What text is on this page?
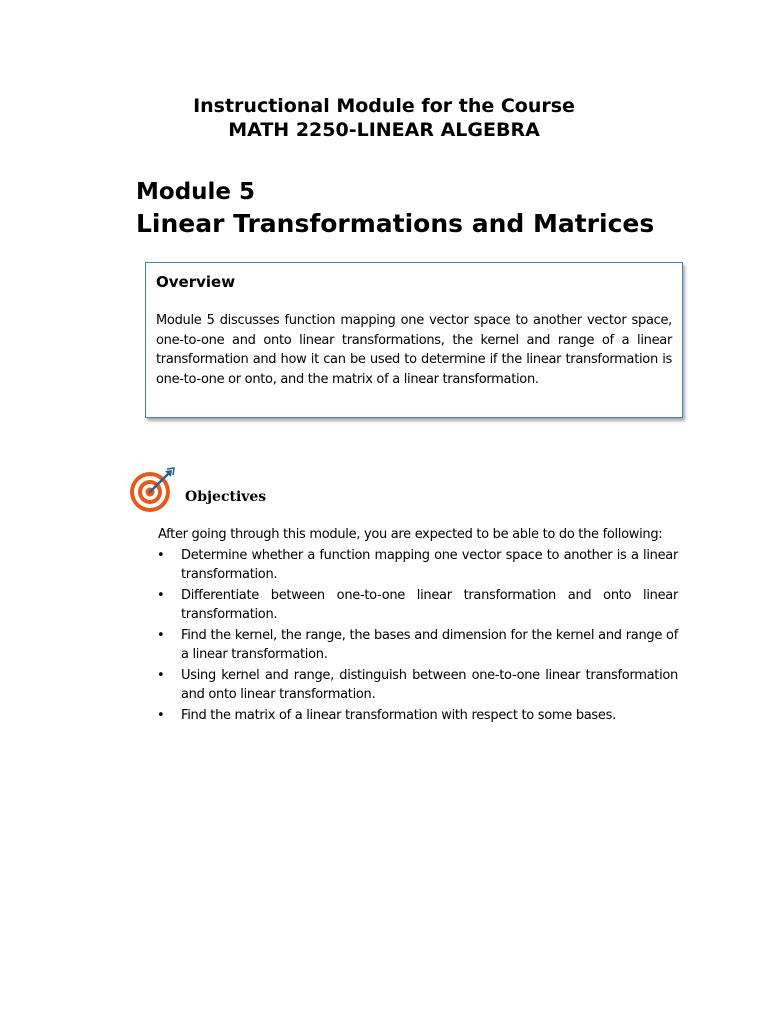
Instructional Module for the Course
MATH 2250-LINEAR ALGEBRA
Module 5
Linear Transformations and Matrices
Overview

Module 5 discusses function mapping one vector space to another vector space, one-to-one and onto linear transformations, the kernel and range of a linear transformation and how it can be used to determine if the linear transformation is one-to-one or onto, and the matrix of a linear transformation.

Objectives

After going through this module, you are expected to be able to do the following:

• Determine whether a function mapping one vector space to another is a linear transformation.
• Differentiate between one-to-one linear transformation and onto linear transformation.
• Find the kernel, the range, the bases and dimension for the kernel and range of a linear transformation.
• Using kernel and range, distinguish between one-to-one linear transformation and onto linear transformation.
• Find the matrix of a linear transformation with respect to some bases.
